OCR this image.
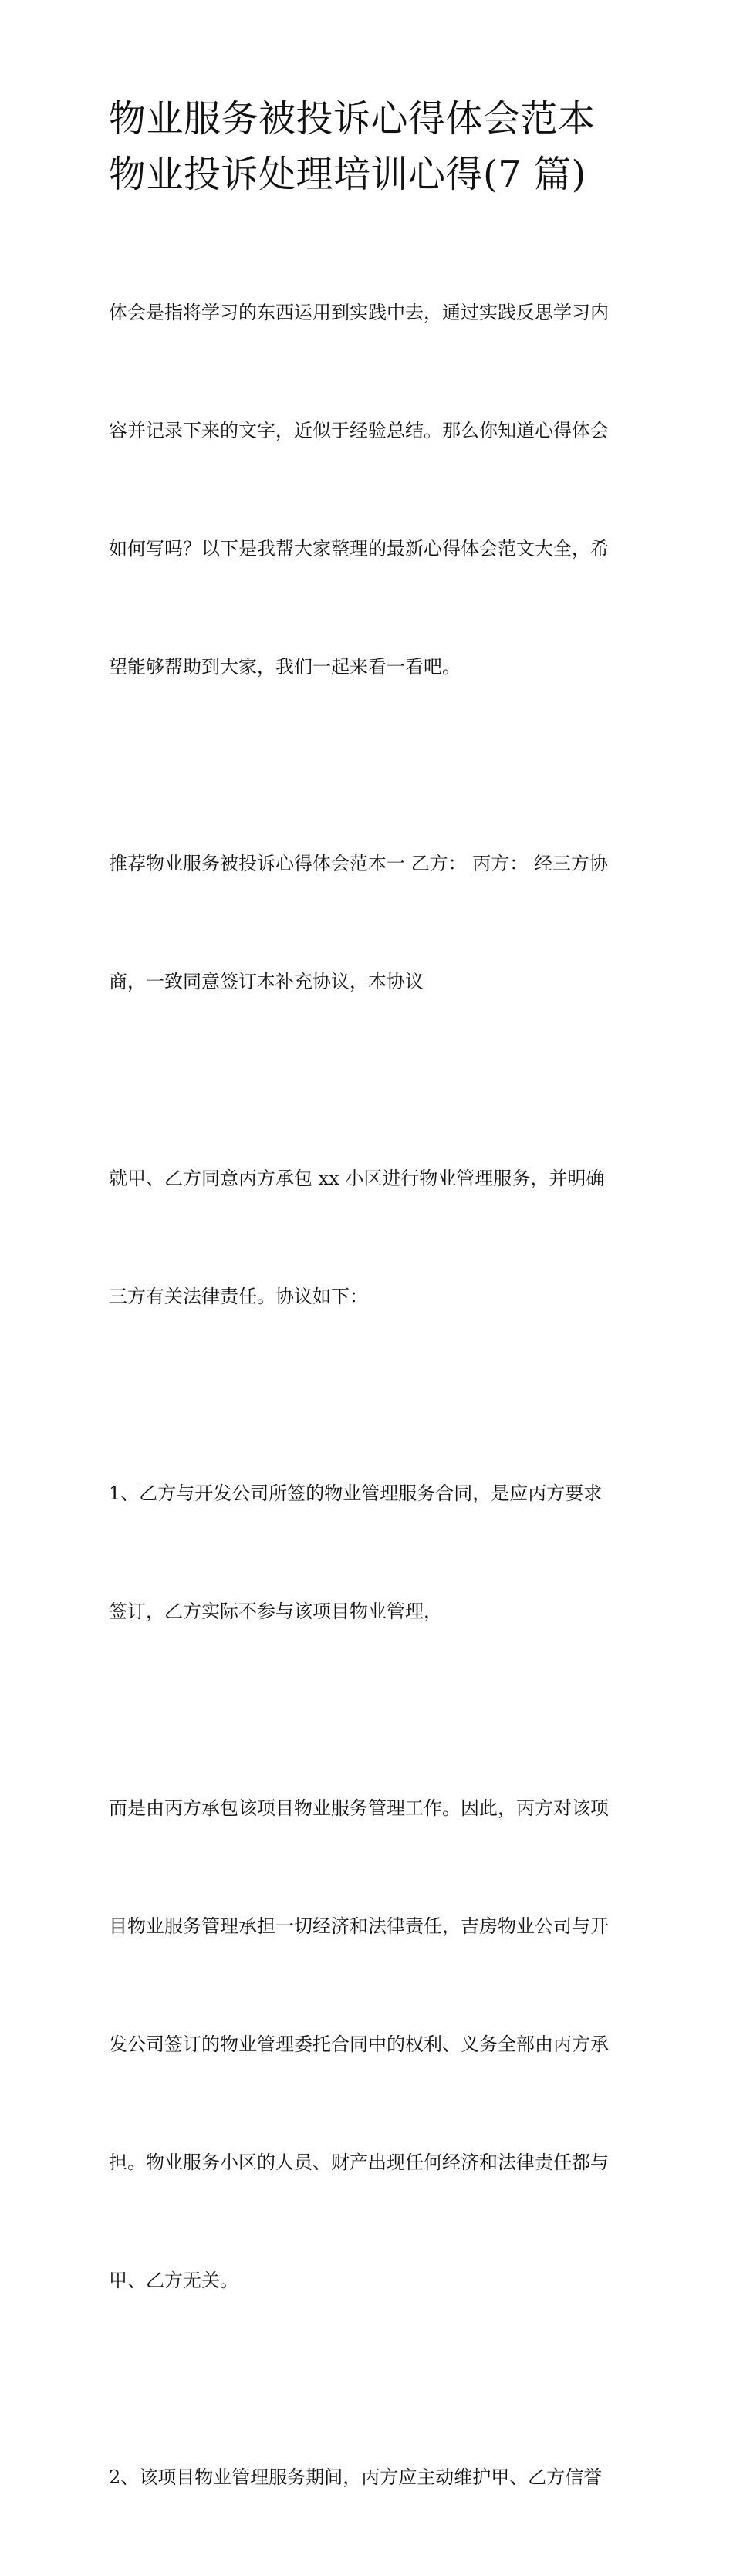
物业服务被投诉心得体会范本
物业投诉处理培训心得(7 篇)

体会是指将学习的东西运用到实践中去，通过实践反思学习内

容并记录下来的文字，近似于经验总结。那么你知道心得体会

如何写吗？以下是我帮大家整理的最新心得体会范文大全，希

望能够帮助到大家，我们一起来看一看吧。

推荐物业服务被投诉心得体会范本一 乙方： 丙方： 经三方协

商，一致同意签订本补充协议，本协议

就甲、乙方同意丙方承包 xx 小区进行物业管理服务，并明确

三方有关法律责任。协议如下：

1、乙方与开发公司所签的物业管理服务合同，是应丙方要求

签订，乙方实际不参与该项目物业管理，

而是由丙方承包该项目物业服务管理工作。因此，丙方对该项

目物业服务管理承担一切经济和法律责任，吉房物业公司与开

发公司签订的物业管理委托合同中的权利、义务全部由丙方承

担。物业服务小区的人员、财产出现任何经济和法律责任都与

甲、乙方无关。

2、该项目物业管理服务期间，丙方应主动维护甲、乙方信誉
